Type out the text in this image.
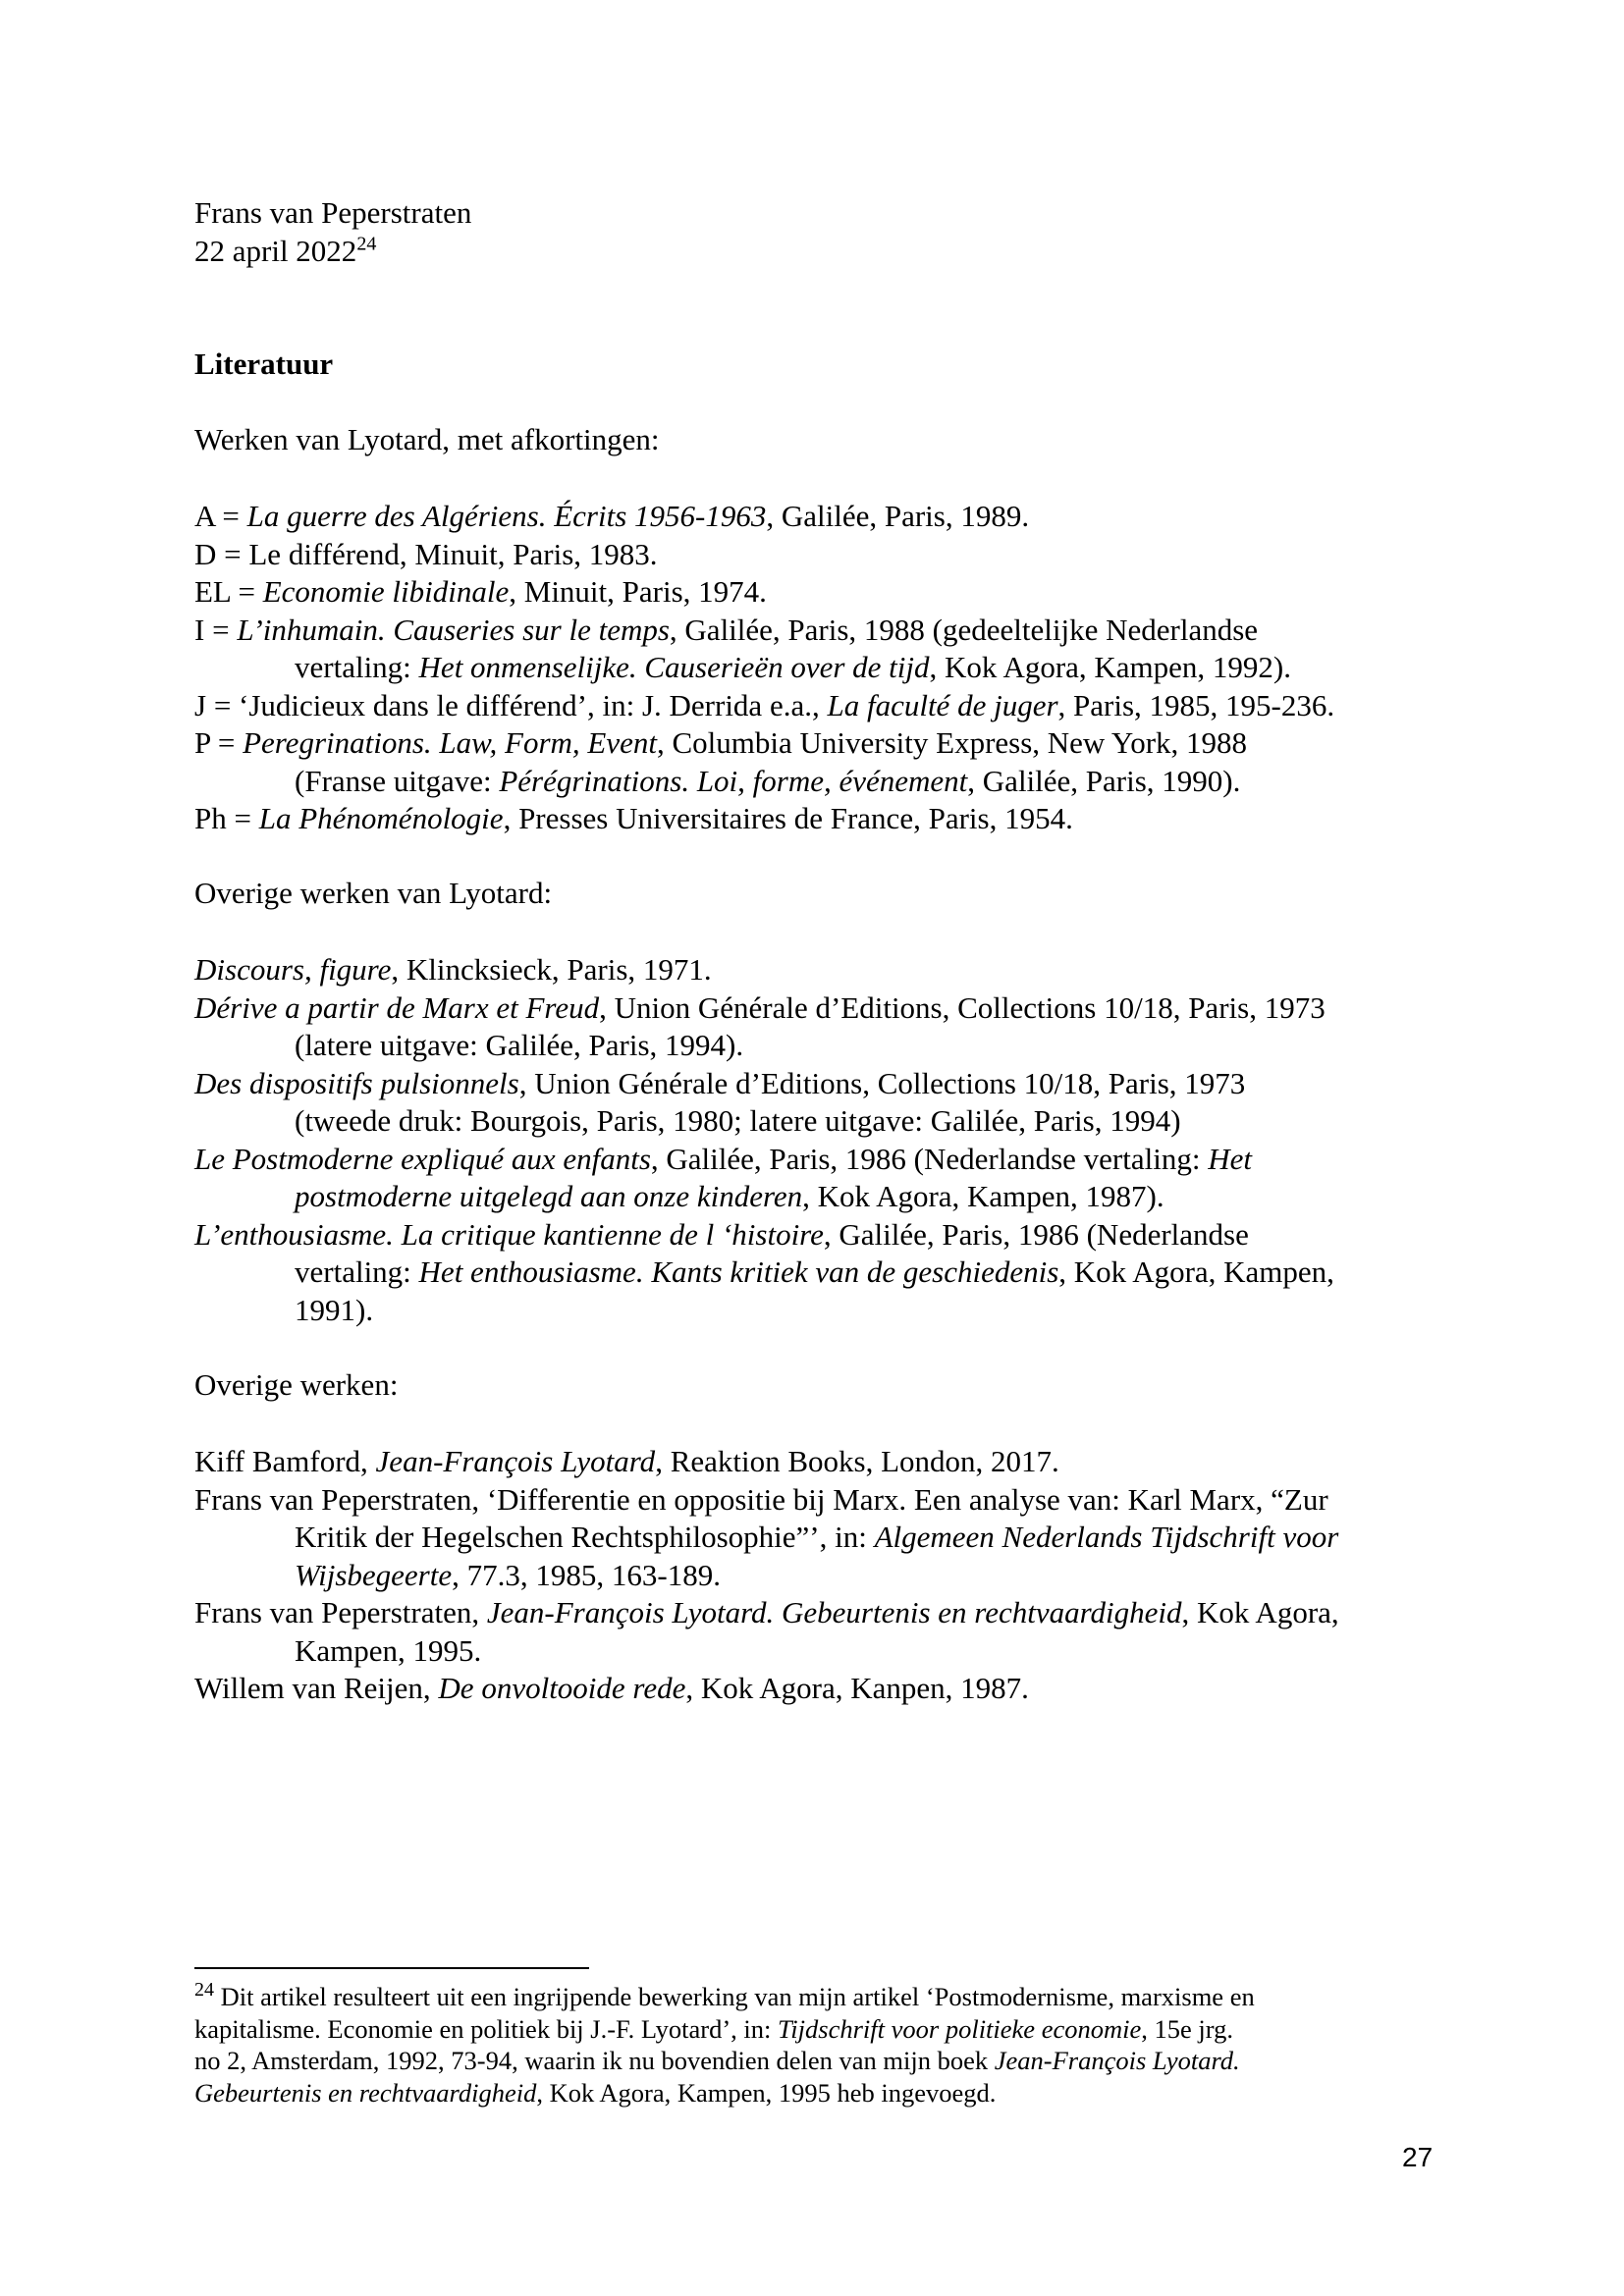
Frans van Peperstraten
22 april 2022$^{24}$
Literatuur
Werken van Lyotard, met afkortingen:
A = La guerre des Algériens. Écrits 1956-1963, Galilée, Paris, 1989.
D = Le différend, Minuit, Paris, 1983.
EL = Economie libidinale, Minuit, Paris, 1974.
I = L’inhumain. Causeries sur le temps, Galilée, Paris, 1988 (gedeeltelijke Nederlandse
vertaling: Het onmenselijke. Causerieën over de tijd, Kok Agora, Kampen, 1992).
J = ‘Judicieux dans le différend’, in: J. Derrida e.a., La faculté de juger, Paris, 1985, 195-236.
P = Peregrinations. Law, Form, Event, Columbia University Express, New York, 1988
(Franse uitgave: Pérégrinations. Loi, forme, événement, Galilée, Paris, 1990).
Ph = La Phénoménologie, Presses Universitaires de France, Paris, 1954.
Overige werken van Lyotard:
Discours, figure, Klincksieck, Paris, 1971.
Dérive a partir de Marx et Freud, Union Générale d’Editions, Collections 10/18, Paris, 1973
(latere uitgave: Galilée, Paris, 1994).
Des dispositifs pulsionnels, Union Générale d’Editions, Collections 10/18, Paris, 1973
(tweede druk: Bourgois, Paris, 1980; latere uitgave: Galilée, Paris, 1994)
Le Postmoderne expliqué aux enfants, Galilée, Paris, 1986 (Nederlandse vertaling: Het
postmoderne uitgelegd aan onze kinderen, Kok Agora, Kampen, 1987).
L’enthousiasme. La critique kantienne de l ‘histoire, Galilée, Paris, 1986 (Nederlandse
vertaling: Het enthousiasme. Kants kritiek van de geschiedenis, Kok Agora, Kampen,
1991).
Overige werken:
Kiff Bamford, Jean-François Lyotard, Reaktion Books, London, 2017.
Frans van Peperstraten, ‘Differentie en oppositie bij Marx. Een analyse van: Karl Marx, “Zur
Kritik der Hegelschen Rechtsphilosophie”’, in: Algemeen Nederlands Tijdschrift voor
Wijsbegeerte, 77.3, 1985, 163-189.
Frans van Peperstraten, Jean-François Lyotard. Gebeurtenis en rechtvaardigheid, Kok Agora,
Kampen, 1995.
Willem van Reijen, De onvoltooide rede, Kok Agora, Kanpen, 1987.
$^{24}$ Dit artikel resulteert uit een ingrijpende bewerking van mijn artikel ‘Postmodernisme, marxisme en
kapitalisme. Economie en politiek bij J.-F. Lyotard’, in: Tijdschrift voor politieke economie, 15e jrg.
no 2, Amsterdam, 1992, 73-94, waarin ik nu bovendien delen van mijn boek Jean-François Lyotard.
Gebeurtenis en rechtvaardigheid, Kok Agora, Kampen, 1995 heb ingevoegd.
27
